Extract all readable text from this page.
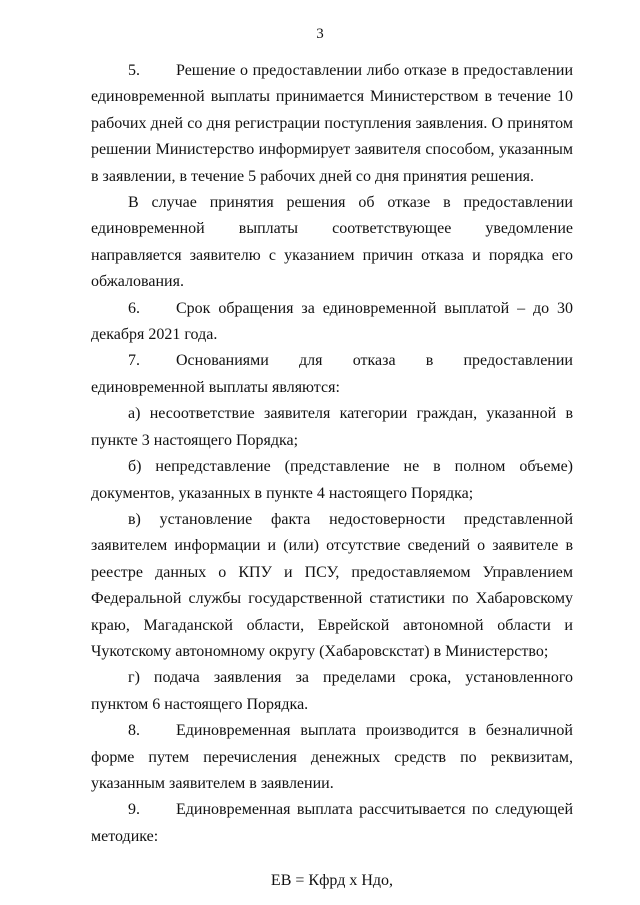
3

5. Решение о предоставлении либо отказе в предоставлении единовременной выплаты принимается Министерством в течение 10 рабочих дней со дня регистрации поступления заявления. О принятом решении Министерство информирует заявителя способом, указанным в заявлении, в течение 5 рабочих дней со дня принятия решения.

В случае принятия решения об отказе в предоставлении единовременной выплаты соответствующее уведомление направляется заявителю с указанием причин отказа и порядка его обжалования.

6. Срок обращения за единовременной выплатой – до 30 декабря 2021 года.

7. Основаниями для отказа в предоставлении единовременной выплаты являются:

а) несоответствие заявителя категории граждан, указанной в пункте 3 настоящего Порядка;

б) непредставление (представление не в полном объеме) документов, указанных в пункте 4 настоящего Порядка;

в) установление факта недостоверности представленной заявителем информации и (или) отсутствие сведений о заявителе в реестре данных о КПУ и ПСУ, предоставляемом Управлением Федеральной службы государственной статистики по Хабаровскому краю, Магаданской области, Еврейской автономной области и Чукотскому автономному округу (Хабаровскстат) в Министерство;

г) подача заявления за пределами срока, установленного пунктом 6 настоящего Порядка.

8. Единовременная выплата производится в безналичной форме путем перечисления денежных средств по реквизитам, указанным заявителем в заявлении.

9. Единовременная выплата рассчитывается по следующей методике:

ЕВ = Кфрд х Ндо,
